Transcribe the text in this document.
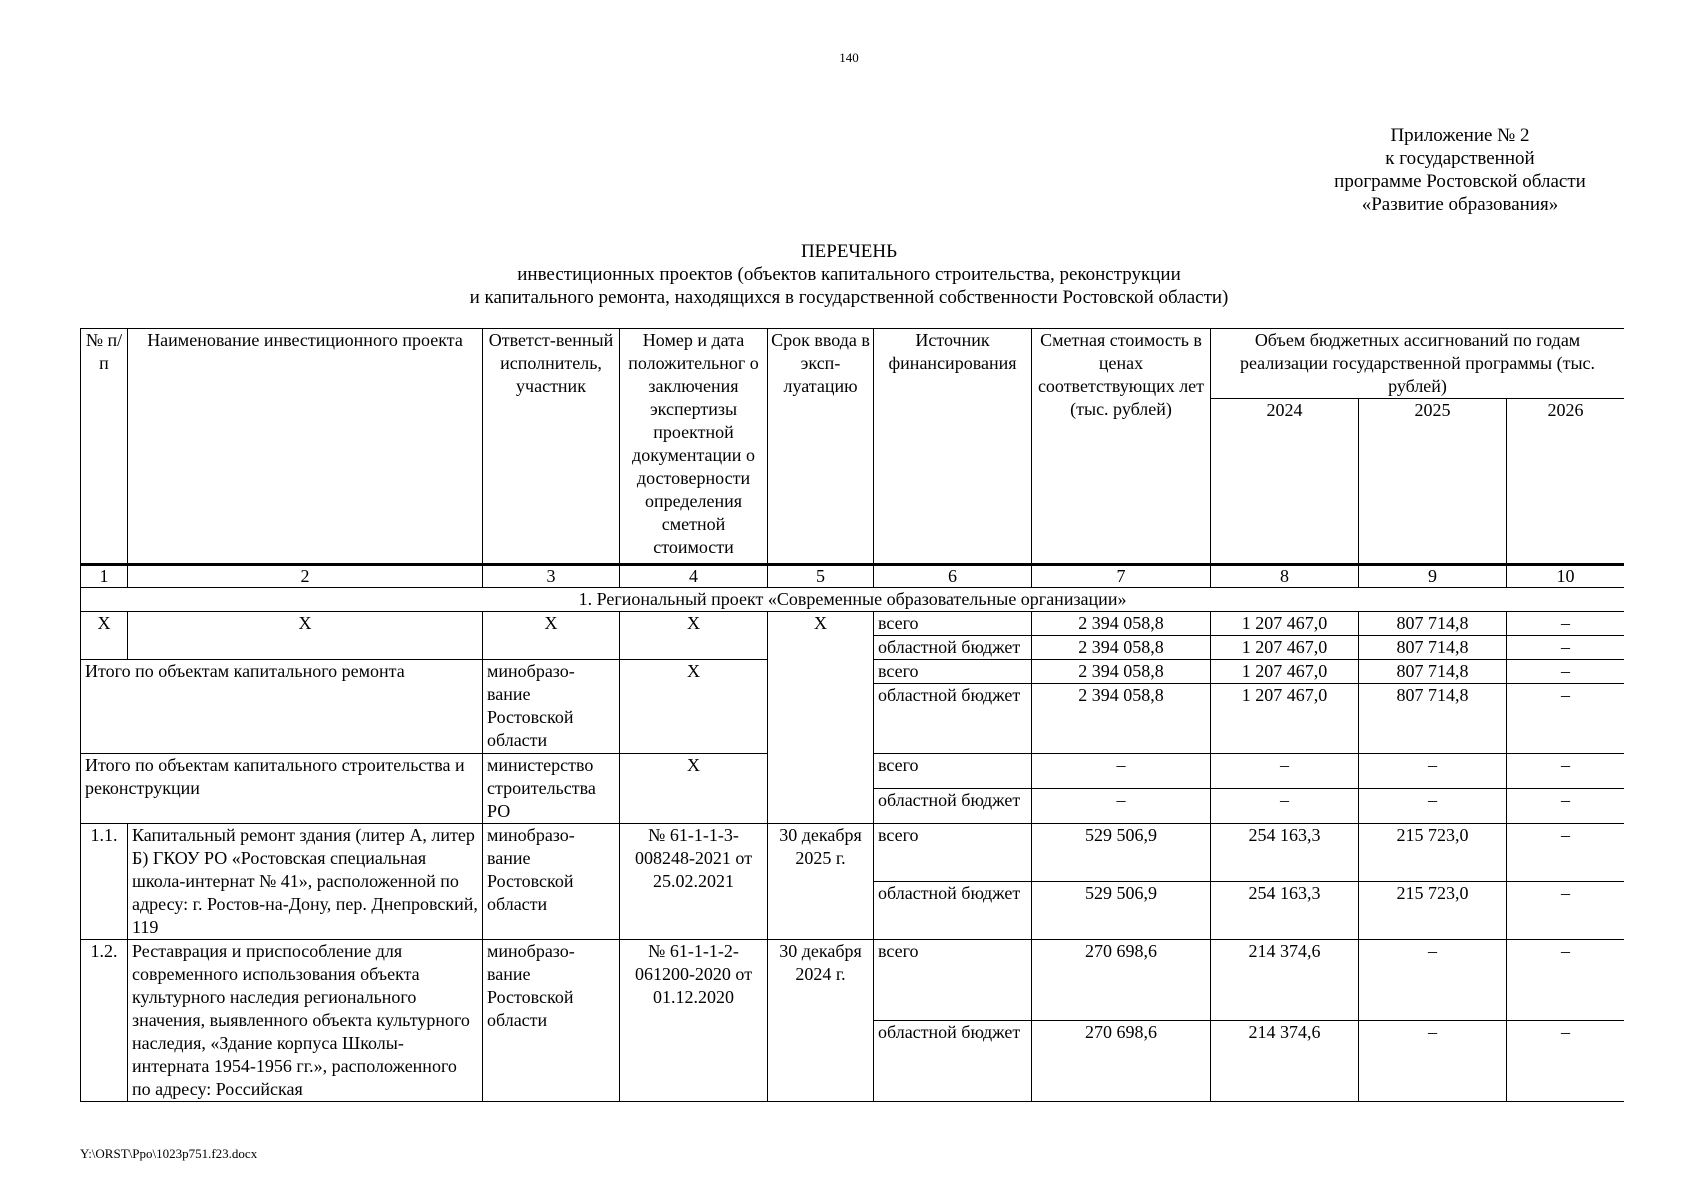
140
Приложение № 2
к государственной
программе Ростовской области
«Развитие образования»
ПЕРЕЧЕНЬ
инвестиционных проектов (объектов капитального строительства, реконструкции
и капитального ремонта, находящихся в государственной собственности Ростовской области)
№ п/п	Наименование инвестиционного проекта	Ответст-венный исполнитель, участник	Номер и дата положительног о заключения экспертизы проектной документации о достоверности определения сметной стоимости	Срок ввода в эксп-луатацию	Источник финансирования	Сметная стоимость в ценах соответствующих лет (тыс. рублей)	Объем бюджетных ассигнований по годам реализации государственной программы (тыс. рублей)		
							2024	2025	2026
1	2	3	4	5	6	7	8	9	10
1. Региональный проект «Современные образовательные организации»									
Х	Х	Х	Х	Х	всего	2 394 058,8	1 207 467,0	807 714,8	–
					областной бюджет	2 394 058,8	1 207 467,0	807 714,8	–
Итого по объектам капитального ремонта		минобразо-вание Ростовской области	Х		всего	2 394 058,8	1 207 467,0	807 714,8	–
					областной бюджет	2 394 058,8	1 207 467,0	807 714,8	–
Итого по объектам капитального строительства и реконструкции		министерство строительства РО	Х		всего	–	–	–	–
					областной бюджет	–	–	–	–
1.1.	Капитальный ремонт здания (литер А, литер Б) ГКОУ РО «Ростовская специальная школа-интернат № 41», расположенной по адресу: г. Ростов-на-Дону, пер. Днепровский, 119	минобразо-вание Ростовской области	№ 61-1-1-3-008248-2021 от 25.02.2021	30 декабря 2025 г.	всего	529 506,9	254 163,3	215 723,0	–
					областной бюджет	529 506,9	254 163,3	215 723,0	–
1.2.	Реставрация и приспособление для современного использования объекта культурного наследия регионального значения, выявленного объекта культурного наследия, «Здание корпуса Школы-интерната 1954-1956 гг.», расположенного по адресу: Российская	минобразо-вание Ростовской области	№ 61-1-1-2-061200-2020 от 01.12.2020	30 декабря 2024 г.	всего	270 698,6	214 374,6	–	–
					областной бюджет	270 698,6	214 374,6	–	–
Y:\ORST\Ppo\1023p751.f23.docx
